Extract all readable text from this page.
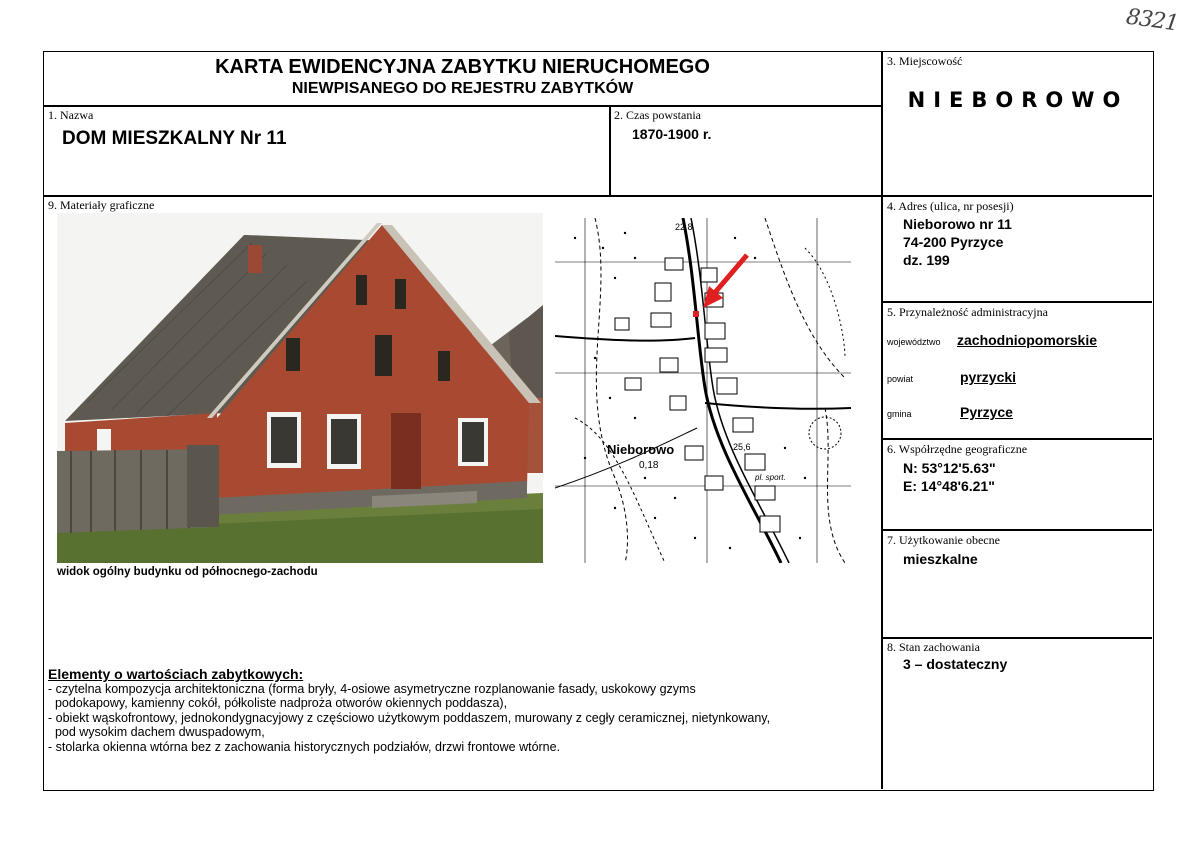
8321
KARTA EWIDENCYJNA ZABYTKU NIERUCHOMEGO
NIEWPISANEGO DO REJESTRU ZABYTKÓW
3. Miejscowość
NIEBOROWO
1. Nazwa
DOM MIESZKALNY Nr 11
2. Czas powstania
1870-1900 r.
9. Materiały graficzne
widok ogólny budynku od północnego-zachodu
Nieborowo
0,18
22,8
25,6
pl. sport.
4. Adres (ulica, nr posesji)
Nieborowo nr 11
74-200 Pyrzyce
dz. 199
5. Przynależność administracyjna
województwo zachodniopomorskie
powiat	pyrzycki
gmina	Pyrzyce
6. Współrzędne geograficzne
N: 53°12'5.63"
E: 14°48'6.21"
7. Użytkowanie obecne
mieszkalne
8. Stan zachowania
3 – dostateczny
Elementy o wartościach zabytkowych:
- czytelna kompozycja architektoniczna (forma bryły, 4-osiowe asymetryczne rozplanowanie fasady, uskokowy gzyms
podokapowy, kamienny cokół, półkoliste nadproża otworów okiennych poddasza),
- obiekt wąskofrontowy, jednokondygnacyjowy z częściowo użytkowym poddaszem, murowany z cegły ceramicznej, nietynkowany,
pod wysokim dachem dwuspadowym,
- stolarka okienna wtórna bez z zachowania historycznych podziałów, drzwi frontowe wtórne.
